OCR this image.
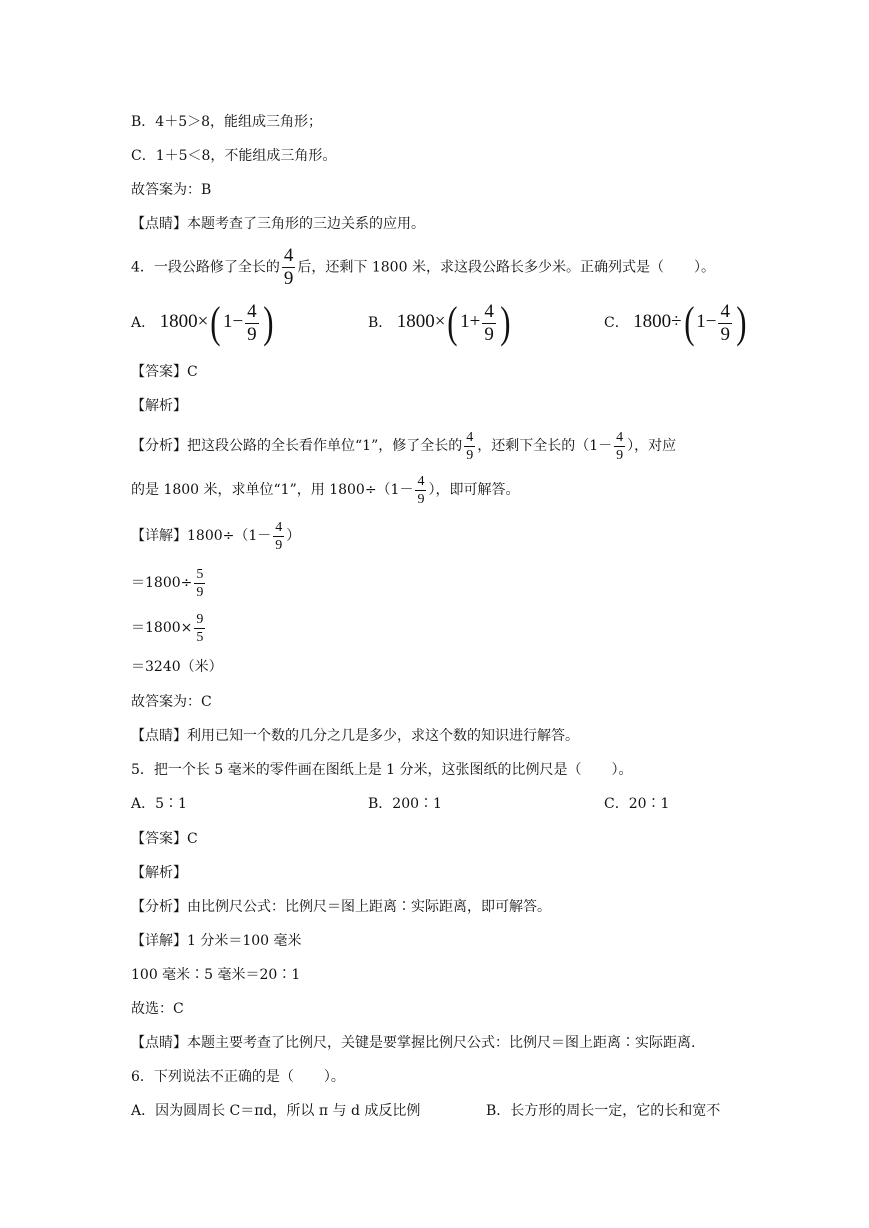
B．4＋5＞8，能组成三角形；
C．1＋5＜8，不能组成三角形。
故答案为：B
【点睛】本题考查了三角形的三边关系的应用。
4．一段公路修了全长的 $\frac{4}{9}$ 后，还剩下 1800 米，求这段公路长多少米。正确列式是（ ）。
A． 1800×( $1- \frac{4}{9}$ )	B． 1800×( $1+ \frac{4}{9}$ )	C． 1800÷( $1- \frac{4}{9}$ )
【答案】C
【解析】
【分析】把这段公路的全长看作单位“1”，修了全长的 $\frac{4}{9}$ ，还剩下全长的（$1- \frac{4}{9}$ ），对应
的是 1800 米，求单位“1”，用 $1800\div(1- \frac{4}{9}$ ），即可解答。
【详解】$1800\div(1- \frac{4}{9}$ ）
$=1800\div \frac{5}{9}$
$=1800\times \frac{9}{5}$
＝3240（米）
故答案为：C
【点睛】利用已知一个数的几分之几是多少，求这个数的知识进行解答。
5．把一个长 5 毫米的零件画在图纸上是 1 分米，这张图纸的比例尺是（ ）。
A．5∶1	B．200∶1	C．20∶1
【答案】C
【解析】
【分析】由比例尺公式：比例尺＝图上距离∶实际距离，即可解答。
【详解】1 分米＝100 毫米
100 毫米∶5 毫米＝20∶1
故选：C
【点睛】本题主要考查了比例尺，关键是要掌握比例尺公式：比例尺＝图上距离∶实际距离.
6．下列说法不正确的是（ ）。
A．因为圆周长 C＝πd，所以 π 与 d 成反比例	B．长方形的周长一定，它的长和宽不
